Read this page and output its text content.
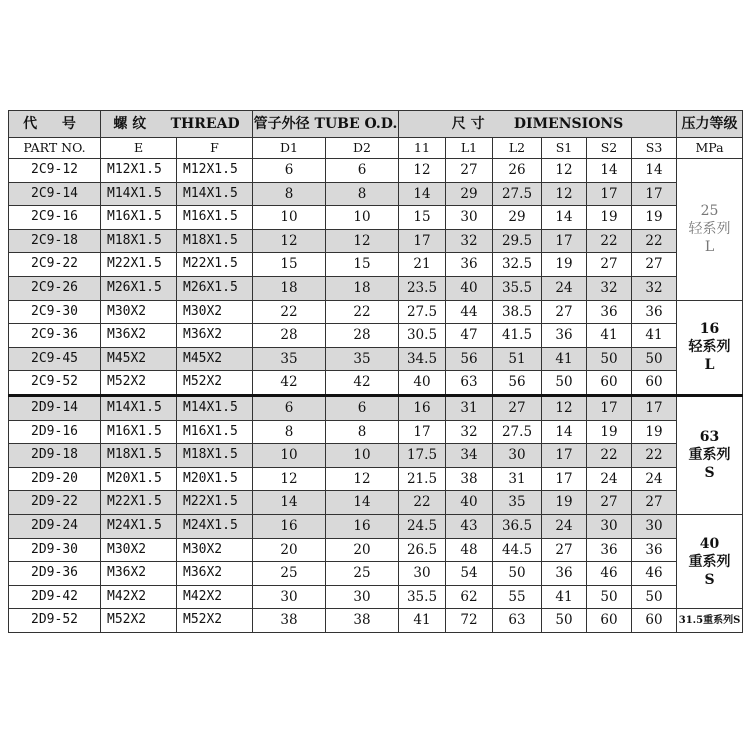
代 号	螺 纹 THREAD		管子外径 TUBE O.D.		尺 寸 DIMENSIONS						压力等级
PART NO.	E	F	D1	D2	11	L1	L2	S1	S2	S3	MPa
2C9-12	M12X1.5	M12X1.5	6	6	12	27	26	12	14	14	25
轻系列
L
2C9-14	M14X1.5	M14X1.5	8	8	14	29	27.5	12	17	17	
2C9-16	M16X1.5	M16X1.5	10	10	15	30	29	14	19	19	
2C9-18	M18X1.5	M18X1.5	12	12	17	32	29.5	17	22	22	
2C9-22	M22X1.5	M22X1.5	15	15	21	36	32.5	19	27	27	
2C9-26	M26X1.5	M26X1.5	18	18	23.5	40	35.5	24	32	32	
2C9-30	M30X2	M30X2	22	22	27.5	44	38.5	27	36	36	16
轻系列
L
2C9-36	M36X2	M36X2	28	28	30.5	47	41.5	36	41	41	
2C9-45	M45X2	M45X2	35	35	34.5	56	51	41	50	50	
2C9-52	M52X2	M52X2	42	42	40	63	56	50	60	60	
2D9-14	M14X1.5	M14X1.5	6	6	16	31	27	12	17	17	63
重系列
S
2D9-16	M16X1.5	M16X1.5	8	8	17	32	27.5	14	19	19	
2D9-18	M18X1.5	M18X1.5	10	10	17.5	34	30	17	22	22	
2D9-20	M20X1.5	M20X1.5	12	12	21.5	38	31	17	24	24	
2D9-22	M22X1.5	M22X1.5	14	14	22	40	35	19	27	27	
2D9-24	M24X1.5	M24X1.5	16	16	24.5	43	36.5	24	30	30	40
重系列
S
2D9-30	M30X2	M30X2	20	20	26.5	48	44.5	27	36	36	
2D9-36	M36X2	M36X2	25	25	30	54	50	36	46	46	
2D9-42	M42X2	M42X2	30	30	35.5	62	55	41	50	50	
2D9-52	M52X2	M52X2	38	38	41	72	63	50	60	60	31.5重系列S
